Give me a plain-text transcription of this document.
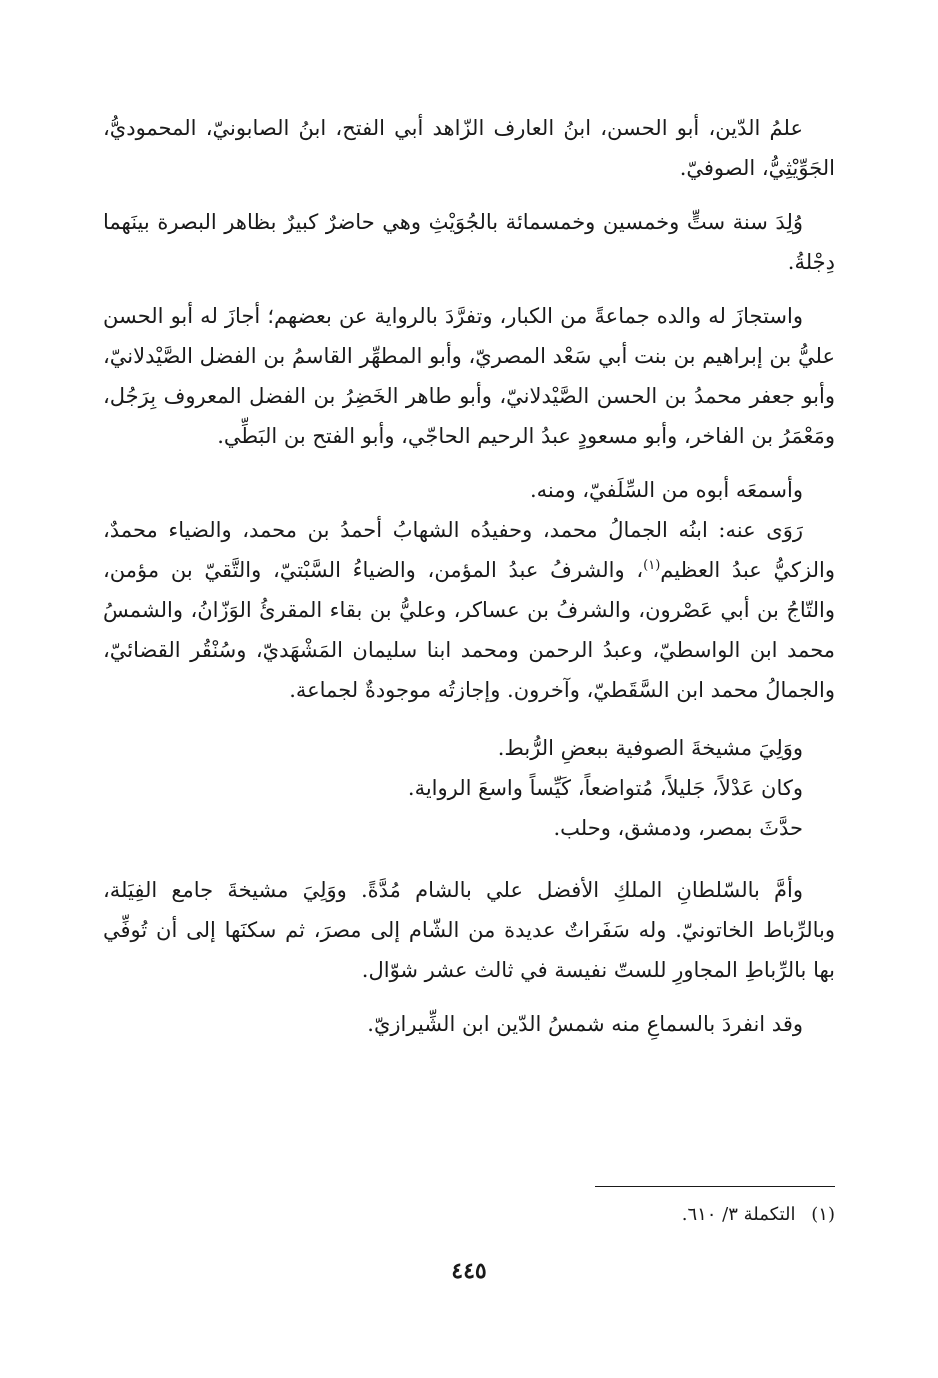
علمُ الدّين، أبو الحسن، ابنُ العارف الزّاهد أبي الفتح، ابنُ الصابونيّ، المحموديُّ، الجَوِّيْثِيُّ، الصوفيّ.

وُلِدَ سنة ستٍّ وخمسين وخمسمائة بالجُوَيْثِ وهي حاضرٌ كبيرٌ بظاهر البصرة بينَهما دِجْلةُ.

واستجازَ له والده جماعةً من الكبار، وتفرَّدَ بالرواية عن بعضهم؛ أجازَ له أبو الحسن عليُّ بن إبراهيم بن بنت أبي سَعْد المصريّ، وأبو المطهِّر القاسمُ بن الفضل الصَّيْدلانيّ، وأبو جعفر محمدُ بن الحسن الصَّيْدلانيّ، وأبو طاهر الخَضِرُ بن الفضل المعروف بِرَجُل، ومَعْمَرُ بن الفاخر، وأبو مسعودٍ عبدُ الرحيم الحاجّي، وأبو الفتح بن البَطِّي.

وأسمعَه أبوه من السِّلَفيّ، ومنه.

رَوَى عنه: ابنُه الجمالُ محمد، وحفيدُه الشهابُ أحمدُ بن محمد، والضياء محمدٌ، والزكيُّ عبدُ العظيم$^{(١)}$، والشرفُ عبدُ المؤمن، والضياءُ السَّبْتيّ، والتَّقيّ بن مؤمن، والتّاجُ بن أبي عَصْرون، والشرفُ بن عساكر، وعليُّ بن بقاء المقرئُ الوَزّانُ، والشمسُ محمد ابن الواسطيّ، وعبدُ الرحمن ومحمد ابنا سليمان المَشْهَديّ، وسُنْقُر القضائيّ، والجمالُ محمد ابن السَّقَطيّ، وآخرون. وإجازتُه موجودةٌ لجماعة.

ووَلِيَ مشيخةَ الصوفية ببعضِ الرُّبط.

وكان عَدْلاً، جَليلاً، مُتواضعاً، كَيِّساً واسعَ الرواية.

حدَّثَ بمصر، ودمشق، وحلب.

وأمَّ بالسّلطانِ الملكِ الأفضل علي بالشام مُدَّةً. ووَلِيَ مشيخةَ جامع الفِيَلة، وبالرِّباط الخاتونيّ. وله سَفَراتٌ عديدة من الشّام إلى مصرَ، ثم سكنَها إلى أن تُوفِّي بها بالرِّباطِ المجاورِ للستّ نفيسة في ثالث عشر شوّال.

وقد انفردَ بالسماعِ منه شمسُ الدّين ابن الشِّيرازيّ.

(١) التكملة ٣/ ٦١٠.
٤٤٥
